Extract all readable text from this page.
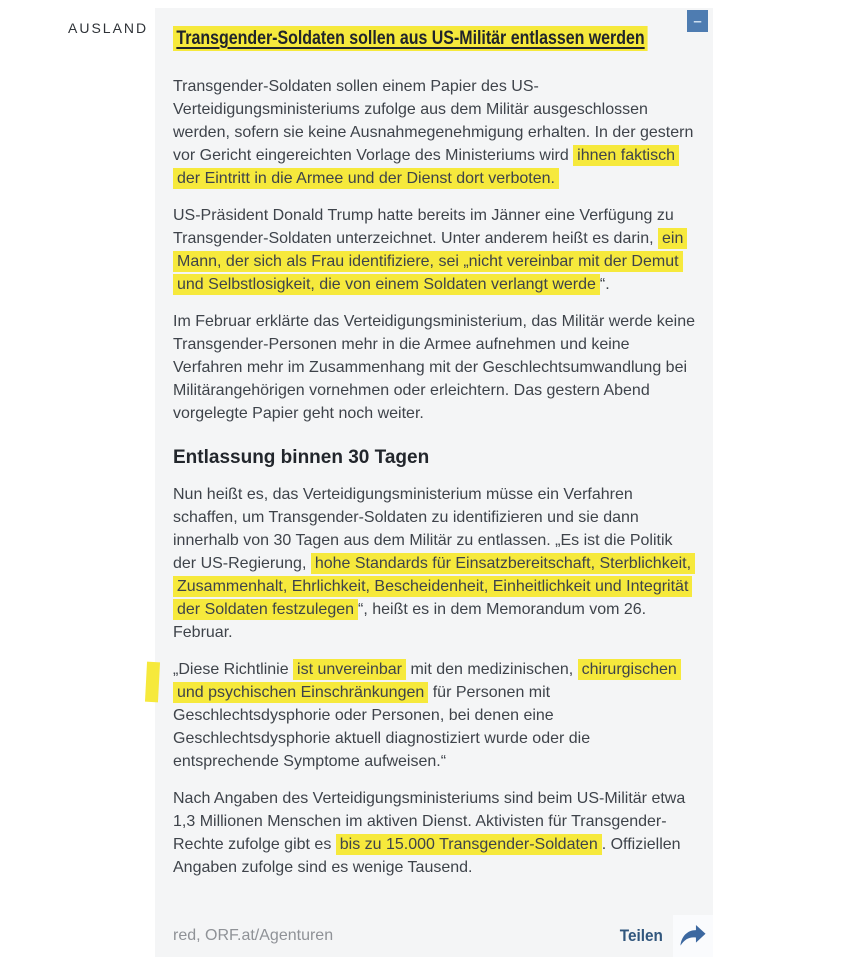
AUSLAND	–
Transgender-Soldaten sollen aus US-Militär entlassen werden

Transgender-Soldaten sollen einem Papier des US-Verteidigungsministeriums zufolge aus dem Militär ausgeschlossen werden, sofern sie keine Ausnahmegenehmigung erhalten. In der gestern vor Gericht eingereichten Vorlage des Ministeriums wird ihnen faktisch der Eintritt in die Armee und der Dienst dort verboten.

US-Präsident Donald Trump hatte bereits im Jänner eine Verfügung zu Transgender-Soldaten unterzeichnet. Unter anderem heißt es darin, ein Mann, der sich als Frau identifiziere, sei „nicht vereinbar mit der Demut und Selbstlosigkeit, die von einem Soldaten verlangt werde “.

Im Februar erklärte das Verteidigungsministerium, das Militär werde keine Transgender-Personen mehr in die Armee aufnehmen und keine Verfahren mehr im Zusammenhang mit der Geschlechtsumwandlung bei Militärangehörigen vornehmen oder erleichtern. Das gestern Abend vorgelegte Papier geht noch weiter.

Entlassung binnen 30 Tagen

Nun heißt es, das Verteidigungsministerium müsse ein Verfahren schaffen, um Transgender-Soldaten zu identifizieren und sie dann innerhalb von 30 Tagen aus dem Militär zu entlassen. „Es ist die Politik der US-Regierung, hohe Standards für Einsatzbereitschaft, Sterblichkeit, Zusammenhalt, Ehrlichkeit, Bescheidenheit, Einheitlichkeit und Integrität der Soldaten festzulegen “, heißt es in dem Memorandum vom 26. Februar.

„Diese Richtlinie ist unvereinbar mit den medizinischen, chirurgischen und psychischen Einschränkungen für Personen mit Geschlechtsdysphorie oder Personen, bei denen eine Geschlechtsdysphorie aktuell diagnostiziert wurde oder die entsprechende Symptome aufweisen.“

Nach Angaben des Verteidigungsministeriums sind beim US-Militär etwa 1,3 Millionen Menschen im aktiven Dienst. Aktivisten für Transgender-Rechte zufolge gibt es bis zu 15.000 Transgender-Soldaten . Offiziellen Angaben zufolge sind es wenige Tausend.

red, ORF.at/Agenturen	Teilen
